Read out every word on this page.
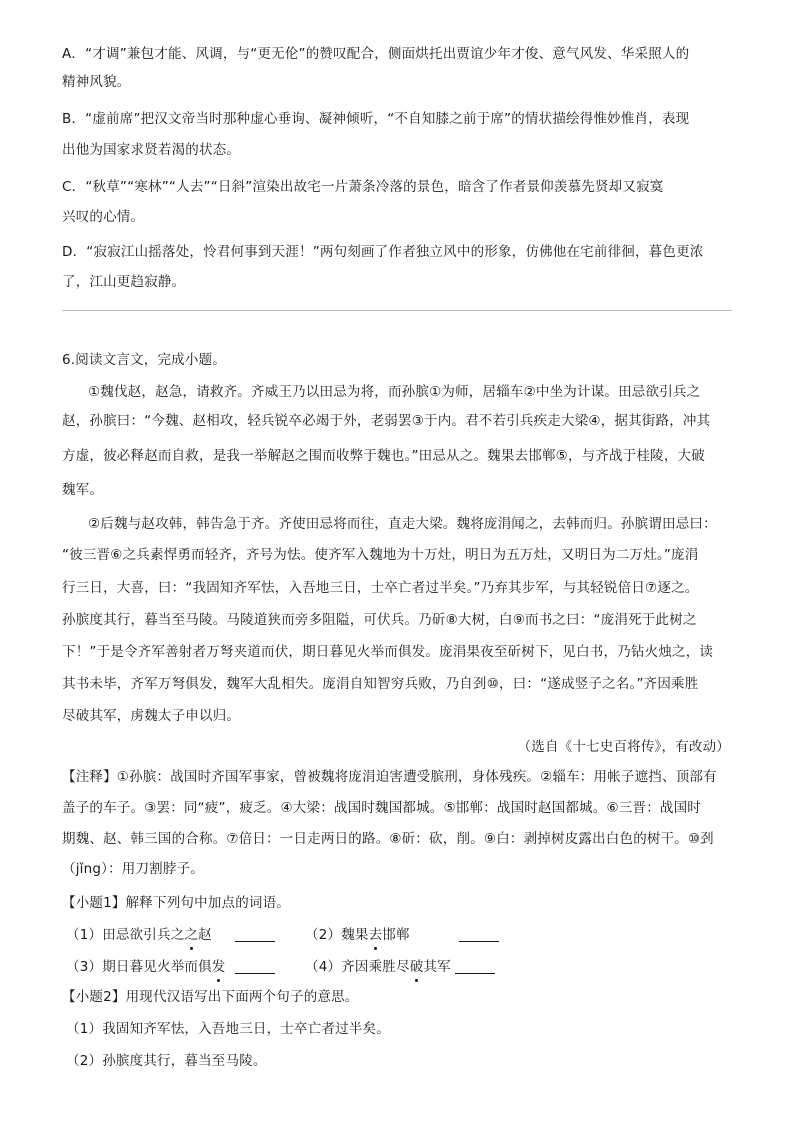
A．“才调”兼包才能、风调，与“更无伦”的赞叹配合，侧面烘托出贾谊少年才俊、意气风发、华采照人的
精神风貌。
B．“虚前席”把汉文帝当时那种虚心垂询、凝神倾听，“不自知膝之前于席”的情状描绘得惟妙惟肖，表现
出他为国家求贤若渴的状态。
C．“秋草”“寒林”“人去”“日斜”渲染出故宅一片萧条冷落的景色，暗含了作者景仰羡慕先贤却又寂寞
兴叹的心情。
D．“寂寂江山摇落处，怜君何事到天涯！”两句刻画了作者独立风中的形象，仿佛他在宅前徘徊，暮色更浓
了，江山更趋寂静。
6.阅读文言文，完成小题。
①魏伐赵，赵急，请救齐。齐威王乃以田忌为将，而孙膑①为师，居辎车②中坐为计谋。田忌欲引兵之
赵，孙膑曰：“今魏、赵相攻，轻兵锐卒必竭于外，老弱罢③于内。君不若引兵疾走大梁④，据其街路，冲其
方虚，彼必释赵而自救，是我一举解赵之围而收弊于魏也。”田忌从之。魏果去邯郸⑤，与齐战于桂陵，大破
魏军。
②后魏与赵攻韩，韩告急于齐。齐使田忌将而往，直走大梁。魏将庞涓闻之，去韩而归。孙膑谓田忌曰：
“彼三晋⑥之兵素悍勇而轻齐，齐号为怯。使齐军入魏地为十万灶，明日为五万灶，又明日为二万灶。”庞涓
行三日，大喜，曰：“我固知齐军怯，入吾地三日，士卒亡者过半矣。”乃弃其步军，与其轻锐倍日⑦逐之。
孙膑度其行，暮当至马陵。马陵道狭而旁多阻隘，可伏兵。乃斫⑧大树，白⑨而书之曰：“庞涓死于此树之
下！”于是令齐军善射者万弩夹道而伏，期日暮见火举而俱发。庞涓果夜至斫树下，见白书，乃钻火烛之，读
其书未毕，齐军万弩俱发，魏军大乱相失。庞涓自知智穷兵败，乃自刭⑩，曰：“遂成竖子之名。”齐因乘胜
尽破其军，虏魏太子申以归。
（选自《十七史百将传》，有改动）
【注释】①孙膑：战国时齐国军事家，曾被魏将庞涓迫害遭受膑刑，身体残疾。②辎车：用帐子遮挡、顶部有
盖子的车子。③罢：同“疲”，疲乏。④大梁：战国时魏国都城。⑤邯郸：战国时赵国都城。⑥三晋：战国时
期魏、赵、韩三国的合称。⑦倍日：一日走两日的路。⑧斫：砍，削。⑨白：剥掉树皮露出白色的树干。⑩刭
（jǐng）：用刀割脖子。
【小题1】解释下列句中加点的词语。
（1）田忌欲引兵之之赵	（2）魏果去邯郸
（3）期日暮见火举而俱发	（4）齐因乘胜尽破其军
【小题2】用现代汉语写出下面两个句子的意思。
（1）我固知齐军怯，入吾地三日，士卒亡者过半矣。
（2）孙膑度其行，暮当至马陵。
